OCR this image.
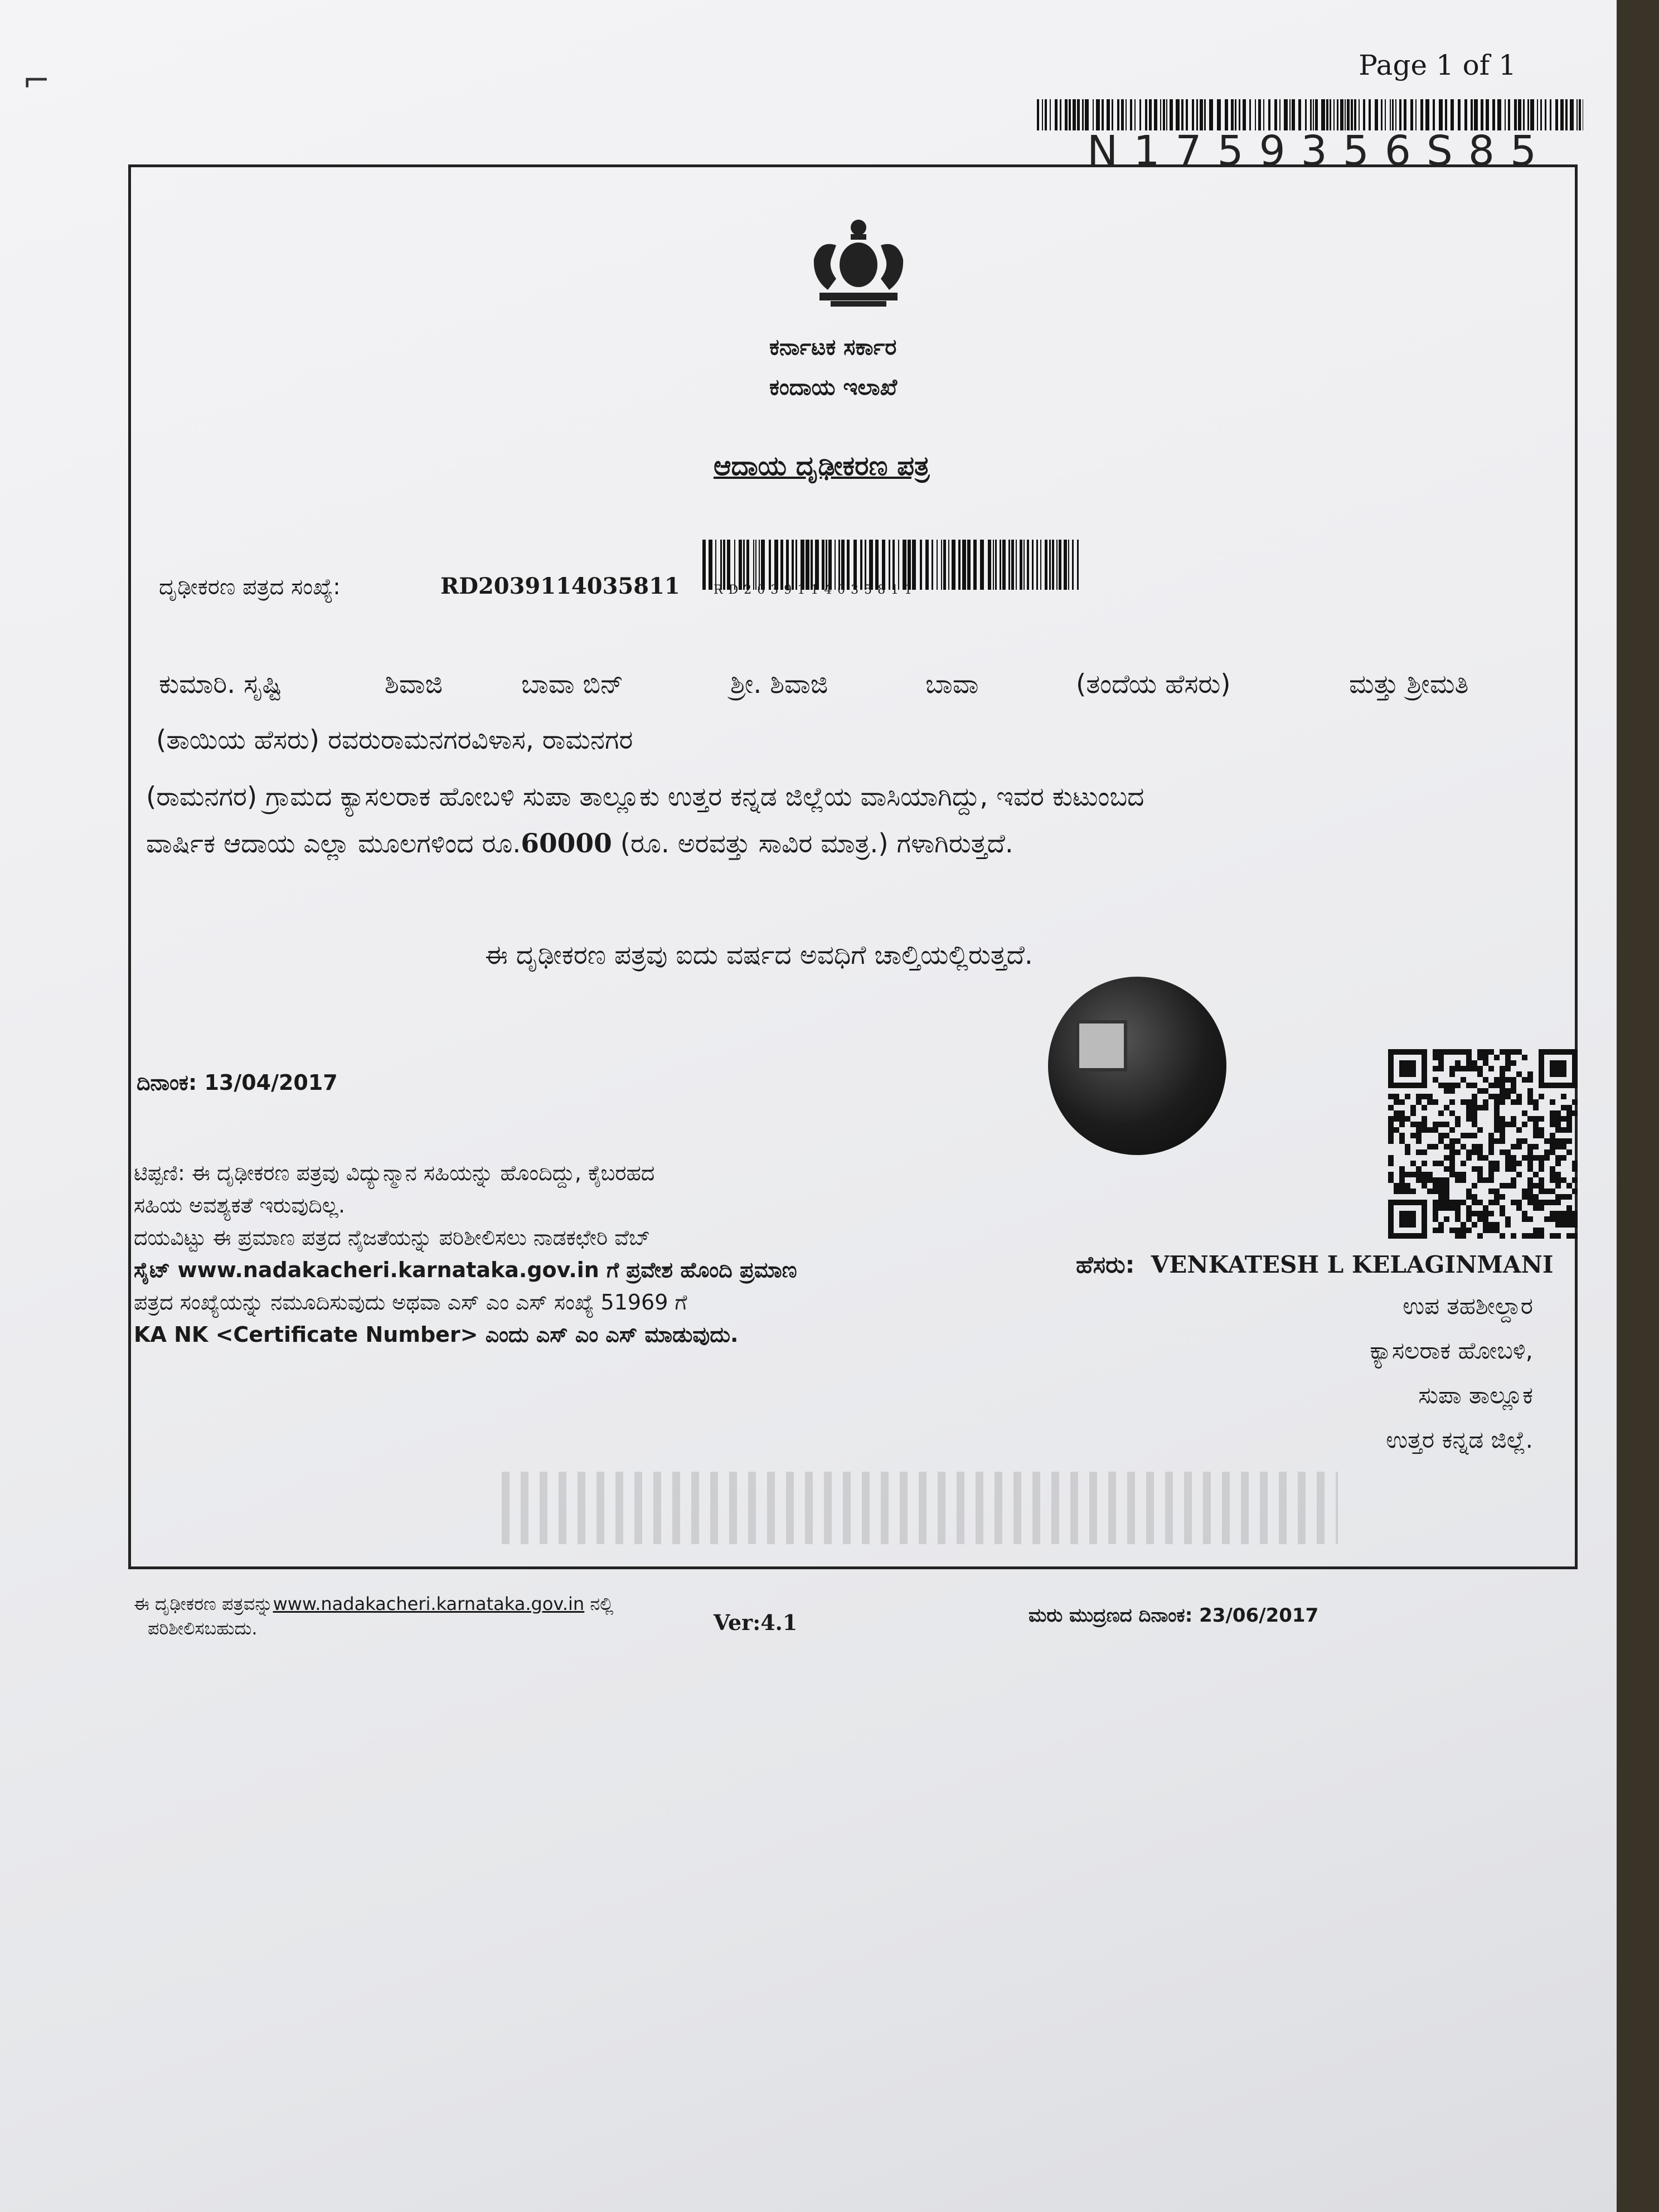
⌐	Page 1 of 1
N1759356S85
ಕರ್ನಾಟಕ ಸರ್ಕಾರ
ಕಂದಾಯ ಇಲಾಖೆ
ಆದಾಯ ದೃಢೀಕರಣ ಪತ್ರ
ದೃಢೀಕರಣ ಪತ್ರದ ಸಂಖ್ಯೆ:	RD2039114035811	RD2039114035811
ಕುಮಾರಿ. ಸೃಷ್ಟಿ	ಶಿವಾಜಿ	ಬಾವಾ ಬಿನ್	ಶ್ರೀ. ಶಿವಾಜಿ	ಬಾವಾ	(ತಂದೆಯ ಹೆಸರು)	ಮತ್ತು ಶ್ರೀಮತಿ
(ತಾಯಿಯ ಹೆಸರು) ರವರುರಾಮನಗರವಿಳಾಸ, ರಾಮನಗರ
(ರಾಮನಗರ) ಗ್ರಾಮದ ಕ್ಯಾಸಲರಾಕ ಹೋಬಳಿ ಸುಪಾ ತಾಲ್ಲೂಕು ಉತ್ತರ ಕನ್ನಡ ಜಿಲ್ಲೆಯ ವಾಸಿಯಾಗಿದ್ದು, ಇವರ ಕುಟುಂಬದ
ವಾರ್ಷಿಕ ಆದಾಯ ಎಲ್ಲಾ ಮೂಲಗಳಿಂದ ರೂ.60000 (ರೂ. ಅರವತ್ತು ಸಾವಿರ ಮಾತ್ರ.) ಗಳಾಗಿರುತ್ತದೆ.
ಈ ದೃಢೀಕರಣ ಪತ್ರವು ಐದು ವರ್ಷದ ಅವಧಿಗೆ ಚಾಲ್ತಿಯಲ್ಲಿರುತ್ತದೆ.
ದಿನಾಂಕ: 13/04/2017
ಟಿಪ್ಪಣಿ: ಈ ದೃಢೀಕರಣ ಪತ್ರವು ವಿದ್ಯುನ್ಮಾನ ಸಹಿಯನ್ನು ಹೊಂದಿದ್ದು, ಕೈಬರಹದ
ಸಹಿಯ ಅವಶ್ಯಕತೆ ಇರುವುದಿಲ್ಲ.
ದಯವಿಟ್ಟು ಈ ಪ್ರಮಾಣ ಪತ್ರದ ನೈಜತೆಯನ್ನು ಪರಿಶೀಲಿಸಲು ನಾಡಕಛೇರಿ ವೆಬ್
ಸೈಟ್ www.nadakacheri.karnataka.gov.in ಗೆ ಪ್ರವೇಶ ಹೊಂದಿ ಪ್ರಮಾಣ
ಪತ್ರದ ಸಂಖ್ಯೆಯನ್ನು ನಮೂದಿಸುವುದು ಅಥವಾ ಎಸ್ ಎಂ ಎಸ್ ಸಂಖ್ಯೆ 51969 ಗೆ
KA NK <Certificate Number> ಎಂದು ಎಸ್ ಎಂ ಎಸ್ ಮಾಡುವುದು.
ಹೆಸರು: VENKATESH L KELAGINMANI
ಉಪ ತಹಶೀಲ್ದಾರ
ಕ್ಯಾಸಲರಾಕ ಹೋಬಳಿ,
ಸುಪಾ ತಾಲ್ಲೂಕ
ಉತ್ತರ ಕನ್ನಡ ಜಿಲ್ಲೆ.
ಈ ದೃಢೀಕರಣ ಪತ್ರವನ್ನುwww.nadakacheri.karnataka.gov.in ನಲ್ಲಿ
ಪರಿಶೀಲಿಸಬಹುದು.	Ver:4.1	ಮರು ಮುದ್ರಣದ ದಿನಾಂಕ: 23/06/2017
